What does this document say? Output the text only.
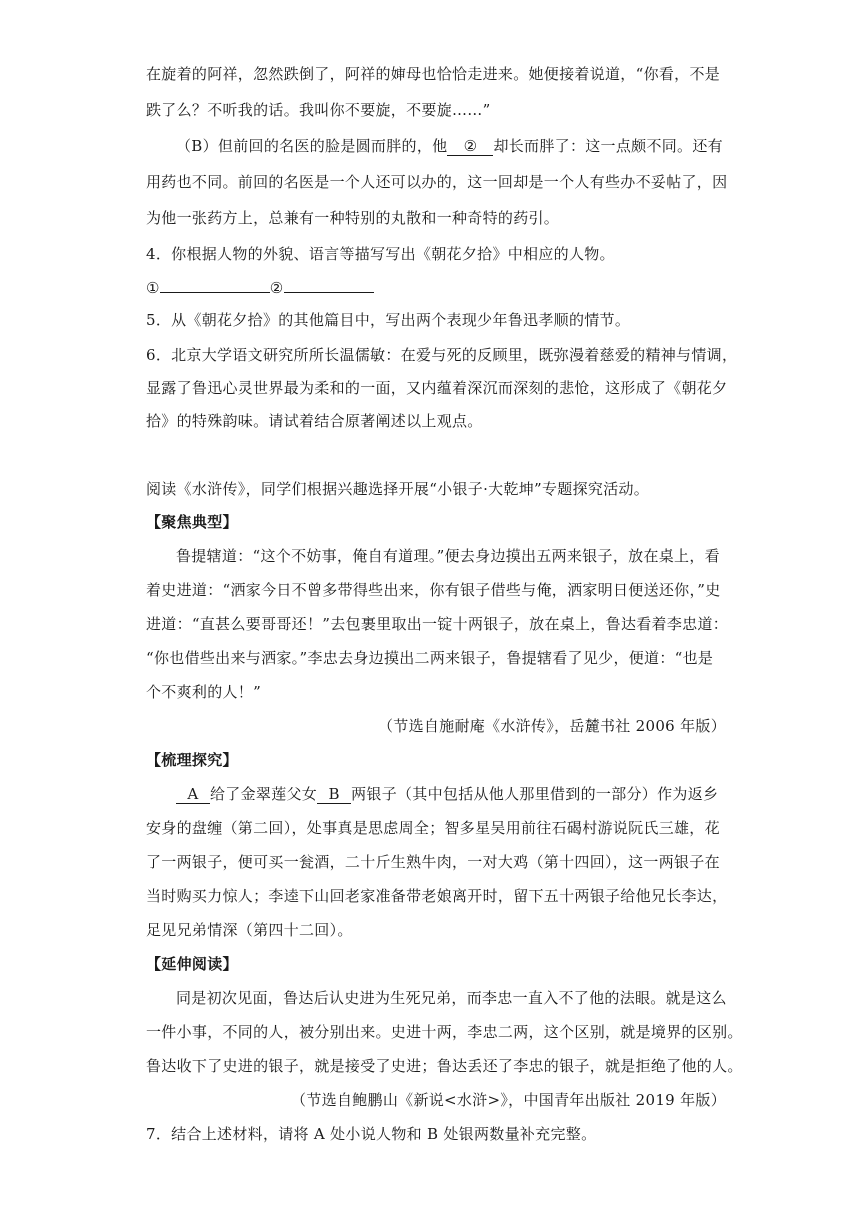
在旋着的阿祥，忽然跌倒了，阿祥的婶母也恰恰走进来。她便接着说道，“你看，不是
跌了么？不听我的话。我叫你不要旋，不要旋……”
（B）但前回的名医的脸是圆而胖的，他 ② 却长而胖了：这一点颇不同。还有
用药也不同。前回的名医是一个人还可以办的，这一回却是一个人有些办不妥帖了，因
为他一张药方上，总兼有一种特别的丸散和一种奇特的药引。
4．你根据人物的外貌、语言等描写写出《朝花夕拾》中相应的人物。
①	②
5．从《朝花夕拾》的其他篇目中，写出两个表现少年鲁迅孝顺的情节。
6．北京大学语文研究所所长温儒敏：在爱与死的反顾里，既弥漫着慈爱的精神与情调，
显露了鲁迅心灵世界最为柔和的一面，又内蕴着深沉而深刻的悲怆，这形成了《朝花夕
拾》的特殊韵味。请试着结合原著阐述以上观点。
阅读《水浒传》，同学们根据兴趣选择开展“小银子·大乾坤”专题探究活动。
【聚焦典型】
鲁提辖道：“这个不妨事，俺自有道理。”便去身边摸出五两来银子，放在桌上，看
着史进道：“洒家今日不曾多带得些出来，你有银子借些与俺，洒家明日便送还你，”史
进道：“直甚么要哥哥还！”去包裹里取出一锭十两银子，放在桌上，鲁达看着李忠道：
“你也借些出来与洒家。”李忠去身边摸出二两来银子，鲁提辖看了见少，便道：“也是
个不爽利的人！”
（节选自施耐庵《水浒传》，岳麓书社 2006 年版）
【梳理探究】
A 给了金翠莲父女 B 两银子（其中包括从他人那里借到的一部分）作为返乡
安身的盘缠（第二回），处事真是思虑周全；智多星吴用前往石碣村游说阮氏三雄，花
了一两银子，便可买一瓮酒，二十斤生熟牛肉，一对大鸡（第十四回），这一两银子在
当时购买力惊人；李逵下山回老家准备带老娘离开时，留下五十两银子给他兄长李达，
足见兄弟情深（第四十二回）。
【延伸阅读】
同是初次见面，鲁达后认史进为生死兄弟，而李忠一直入不了他的法眼。就是这么
一件小事，不同的人，被分别出来。史进十两，李忠二两，这个区别，就是境界的区别。
鲁达收下了史进的银子，就是接受了史进；鲁达丢还了李忠的银子，就是拒绝了他的人。
（节选自鲍鹏山《新说<水浒>》，中国青年出版社 2019 年版）
7．结合上述材料，请将 A 处小说人物和 B 处银两数量补充完整。
